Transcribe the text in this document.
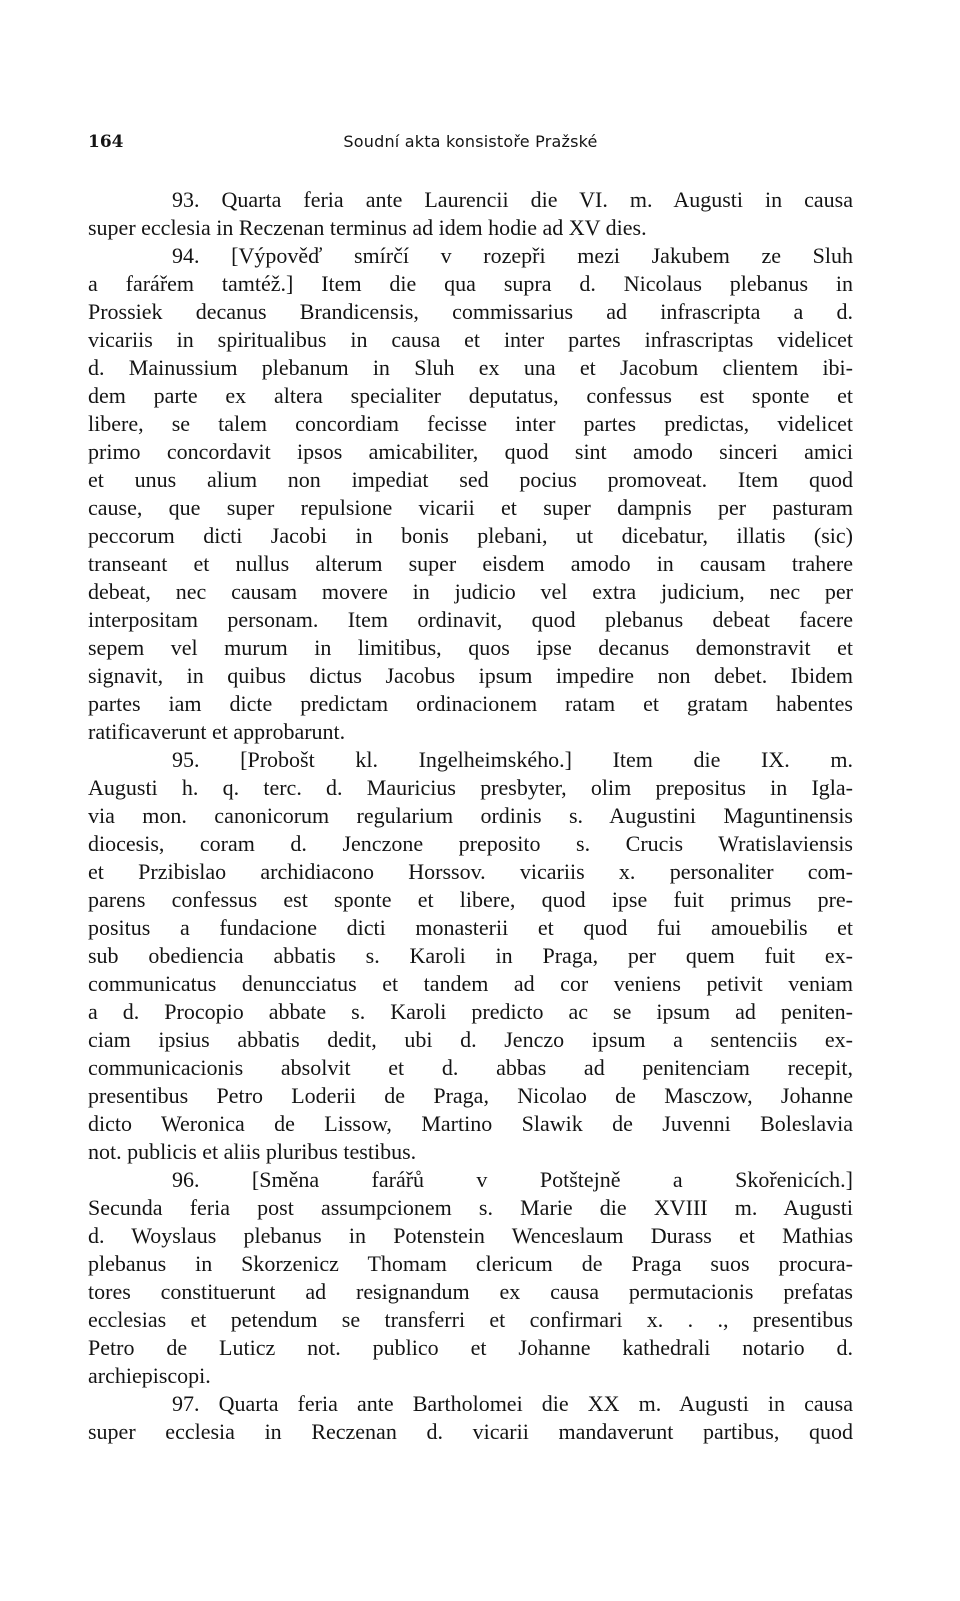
164	Soudní akta konsistoře Pražské
93. Quarta feria ante Laurencii die VI. m. Augusti in causa
super ecclesia in Reczenan terminus ad idem hodie ad XV dies.
94. [Výpověď smírčí v rozepři mezi Jakubem ze Sluh
a farářem tamtéž.] Item die qua supra d. Nicolaus plebanus in
Prossiek decanus Brandicensis, commissarius ad infrascripta a d.
vicariis in spiritualibus in causa et inter partes infrascriptas videlicet
d. Mainussium plebanum in Sluh ex una et Jacobum clientem ibi-
dem parte ex altera specialiter deputatus, confessus est sponte et
libere, se talem concordiam fecisse inter partes predictas, videlicet
primo concordavit ipsos amicabiliter, quod sint amodo sinceri amici
et unus alium non impediat sed pocius promoveat. Item quod
cause, que super repulsione vicarii et super dampnis per pasturam
peccorum dicti Jacobi in bonis plebani, ut dicebatur, illatis (sic)
transeant et nullus alterum super eisdem amodo in causam trahere
debeat, nec causam movere in judicio vel extra judicium, nec per
interpositam personam. Item ordinavit, quod plebanus debeat facere
sepem vel murum in limitibus, quos ipse decanus demonstravit et
signavit, in quibus dictus Jacobus ipsum impedire non debet. Ibidem
partes iam dicte predictam ordinacionem ratam et gratam habentes
ratificaverunt et approbarunt.
95. [Probošt kl. Ingelheimského.] Item die IX. m.
Augusti h. q. terc. d. Mauricius presbyter, olim prepositus in Igla-
via mon. canonicorum regularium ordinis s. Augustini Maguntinensis
diocesis, coram d. Jenczone preposito s. Crucis Wratislaviensis
et Przibislao archidiacono Horssov. vicariis x. personaliter com-
parens confessus est sponte et libere, quod ipse fuit primus pre-
positus a fundacione dicti monasterii et quod fui amouebilis et
sub obediencia abbatis s. Karoli in Praga, per quem fuit ex-
communicatus denuncciatus et tandem ad cor veniens petivit veniam
a d. Procopio abbate s. Karoli predicto ac se ipsum ad peniten-
ciam ipsius abbatis dedit, ubi d. Jenczo ipsum a sentenciis ex-
communicacionis absolvit et d. abbas ad penitenciam recepit,
presentibus Petro Loderii de Praga, Nicolao de Masczow, Johanne
dicto Weronica de Lissow, Martino Slawik de Juvenni Boleslavia
not. publicis et aliis pluribus testibus.
96. [Směna farářů v Potštejně a Skořenicích.]
Secunda feria post assumpcionem s. Marie die XVIII m. Augusti
d. Woyslaus plebanus in Potenstein Wenceslaum Durass et Mathias
plebanus in Skorzenicz Thomam clericum de Praga suos procura-
tores constituerunt ad resignandum ex causa permutacionis prefatas
ecclesias et petendum se transferri et confirmari x. . ., presentibus
Petro de Luticz not. publico et Johanne kathedrali notario d.
archiepiscopi.
97. Quarta feria ante Bartholomei die XX m. Augusti in causa
super ecclesia in Reczenan d. vicarii mandaverunt partibus, quod
